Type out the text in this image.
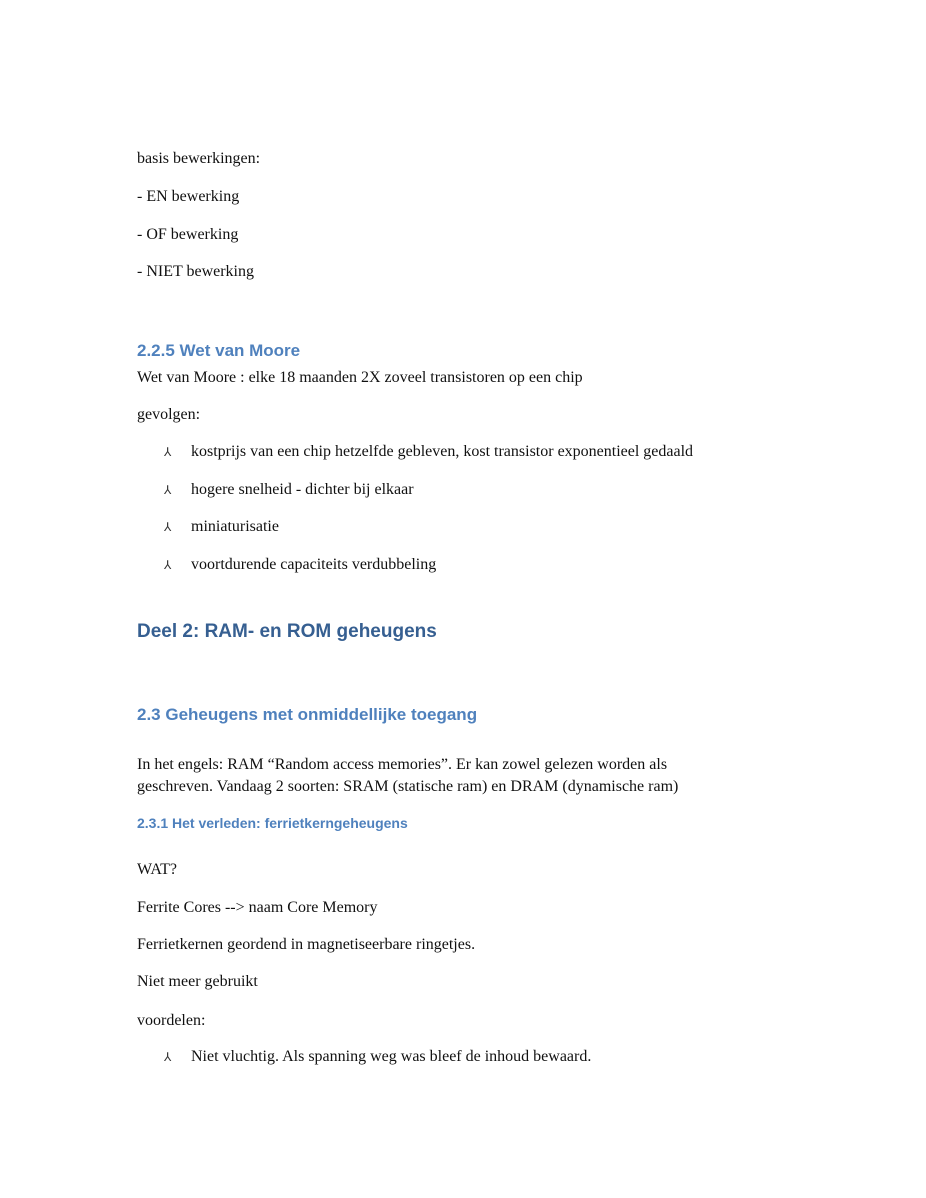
basis bewerkingen:
- EN bewerking
- OF bewerking
- NIET bewerking
2.2.5 Wet van Moore
Wet van Moore : elke 18 maanden 2X zoveel transistoren op een chip
gevolgen:
⅄ kostprijs van een chip hetzelfde gebleven, kost transistor exponentieel gedaald
⅄ hogere snelheid - dichter bij elkaar
⅄ miniaturisatie
⅄ voortdurende capaciteits verdubbeling
Deel 2: RAM- en ROM geheugens
2.3 Geheugens met onmiddellijke toegang
In het engels: RAM “Random access memories”. Er kan zowel gelezen worden als
geschreven. Vandaag 2 soorten: SRAM (statische ram) en DRAM (dynamische ram)
2.3.1 Het verleden: ferrietkerngeheugens
WAT?
Ferrite Cores --> naam Core Memory
Ferrietkernen geordend in magnetiseerbare ringetjes.
Niet meer gebruikt
voordelen:
⅄ Niet vluchtig. Als spanning weg was bleef de inhoud bewaard.
